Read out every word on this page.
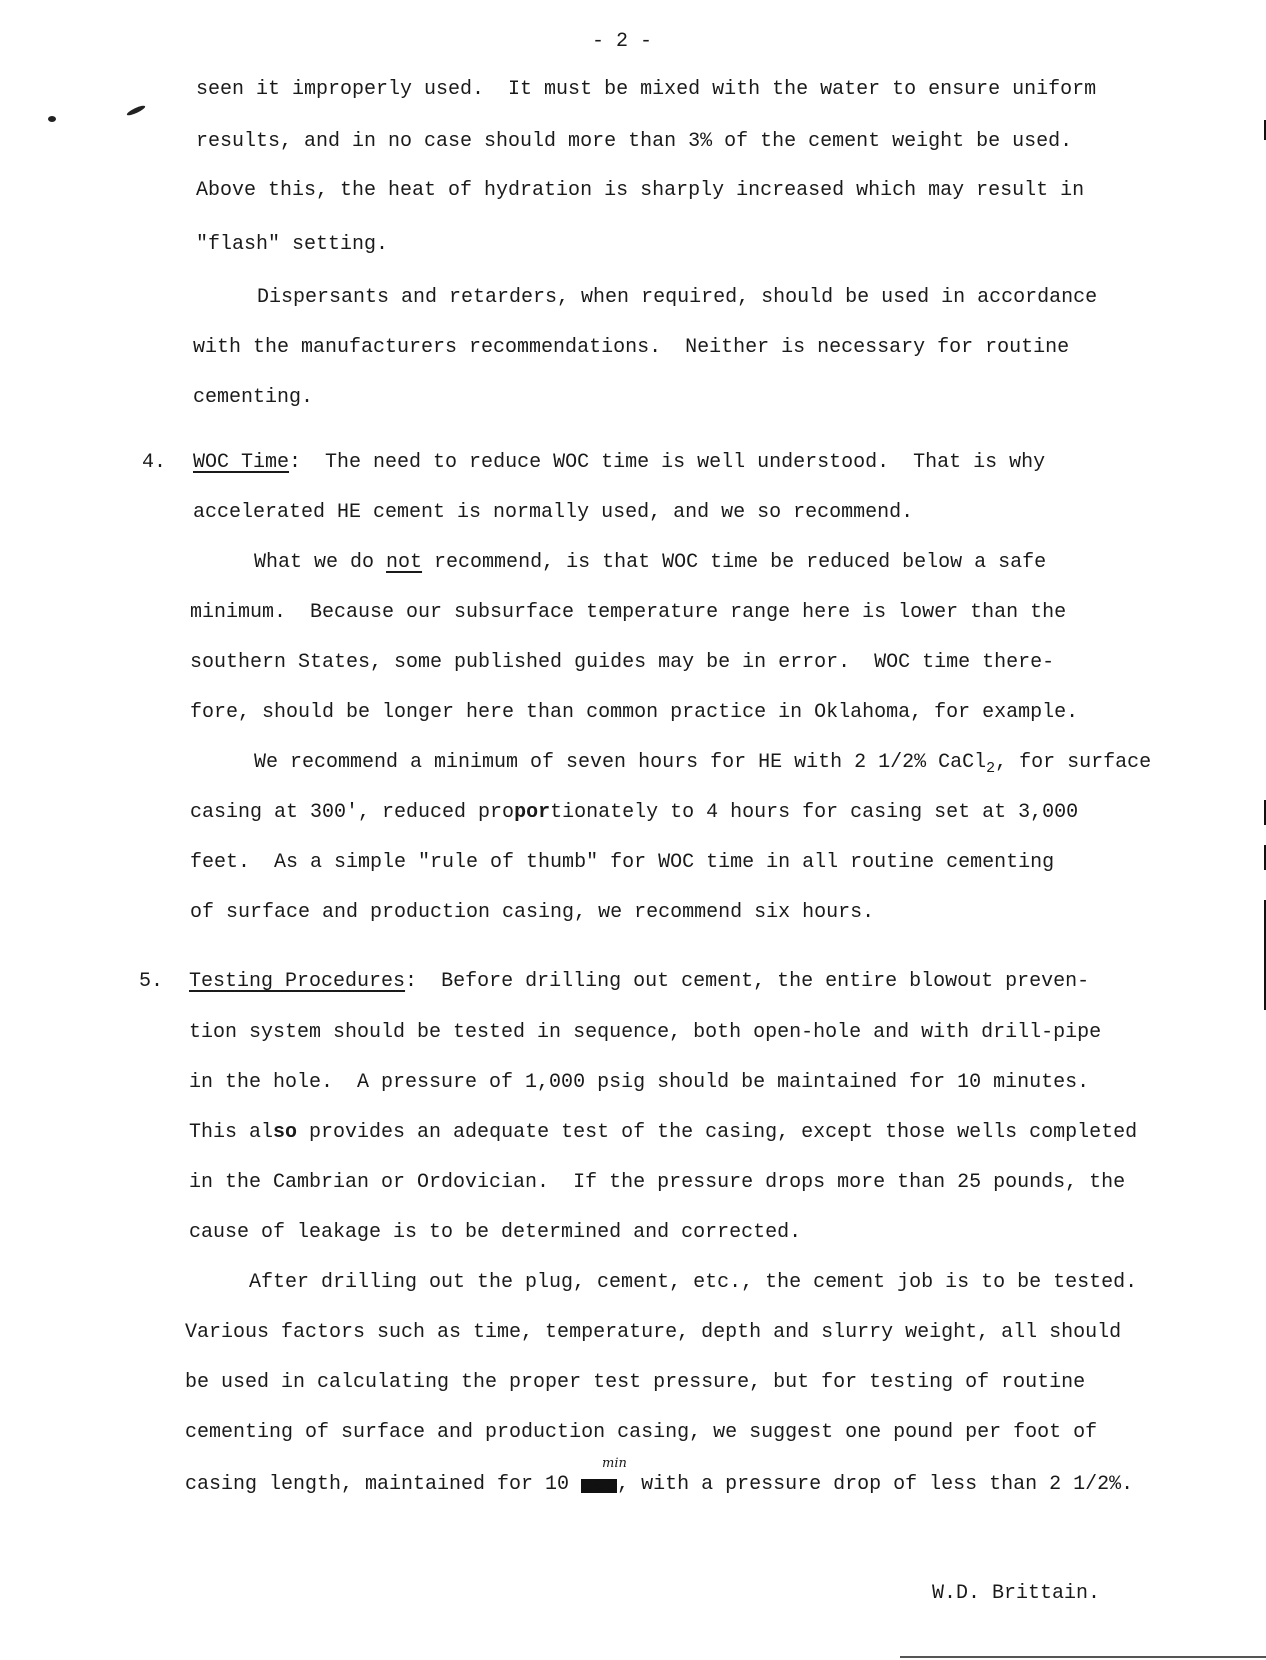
- 2 -
seen it improperly used.  It must be mixed with the water to ensure uniform
results, and in no case should more than 3% of the cement weight be used.
Above this, the heat of hydration is sharply increased which may result in
"flash" setting.
Dispersants and retarders, when required, should be used in accordance
with the manufacturers recommendations.  Neither is necessary for routine
cementing.
4. WOC Time:  The need to reduce WOC time is well understood.  That is why
accelerated HE cement is normally used, and we so recommend.
What we do not recommend, is that WOC time be reduced below a safe
minimum.  Because our subsurface temperature range here is lower than the
southern States, some published guides may be in error.  WOC time there-
fore, should be longer here than common practice in Oklahoma, for example.
We recommend a minimum of seven hours for HE with 2 1/2% CaCl$_2$, for surface
casing at 300', reduced proportionately to 4 hours for casing set at 3,000
feet.  As a simple "rule of thumb" for WOC time in all routine cementing
of surface and production casing, we recommend six hours.
5. Testing Procedures:  Before drilling out cement, the entire blowout preven-
tion system should be tested in sequence, both open-hole and with drill-pipe
in the hole.  A pressure of 1,000 psig should be maintained for 10 minutes.
This also provides an adequate test of the casing, except those wells completed
in the Cambrian or Ordovician.  If the pressure drops more than 25 pounds, the
cause of leakage is to be determined and corrected.
After drilling out the plug, cement, etc., the cement job is to be tested.
Various factors such as time, temperature, depth and slurry weight, all should
be used in calculating the proper test pressure, but for testing of routine
cementing of surface and production casing, we suggest one pound per foot of
min
casing length, maintained for 10 sec, with a pressure drop of less than 2 1/2%.
W.D. Brittain.
